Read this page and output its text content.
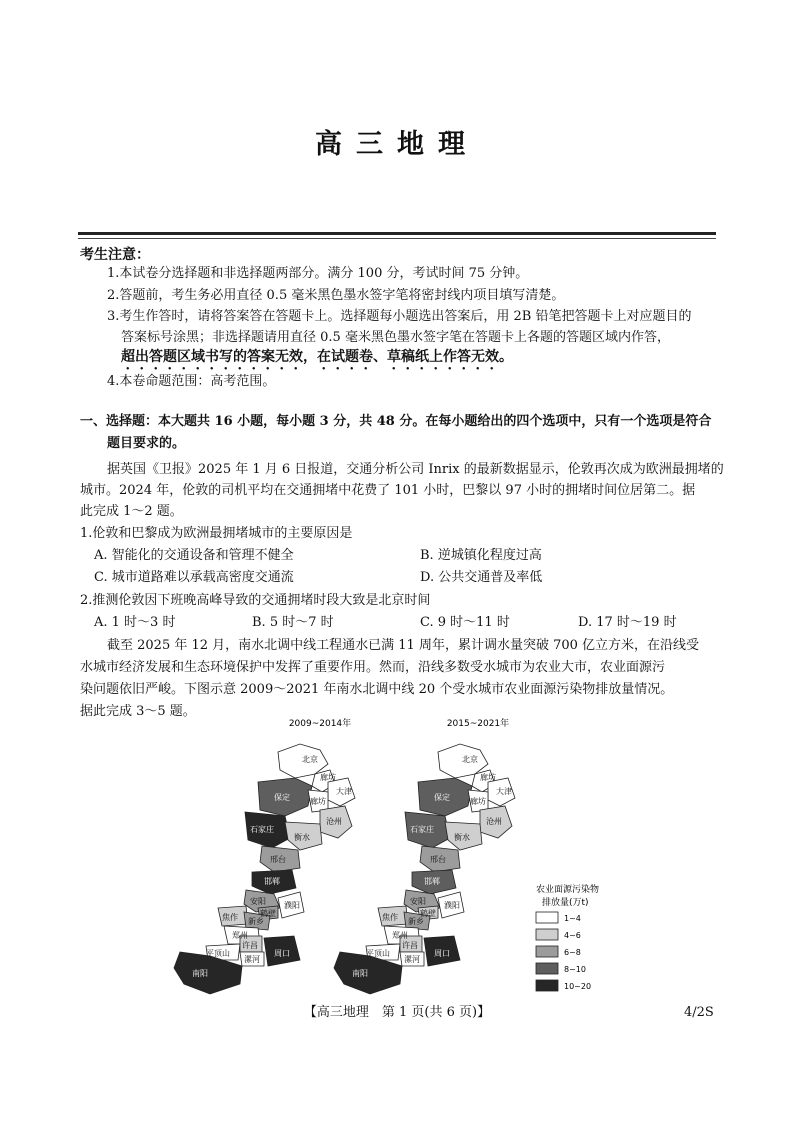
高三地理
考生注意：
1.本试卷分选择题和非选择题两部分。满分 100 分，考试时间 75 分钟。
2.答题前，考生务必用直径 0.5 毫米黑色墨水签字笔将密封线内项目填写清楚。
3.考生作答时，请将答案答在答题卡上。选择题每小题选出答案后，用 2B 铅笔把答题卡上对应题目的
答案标号涂黑；非选择题请用直径 0.5 毫米黑色墨水签字笔在答题卡上各题的答题区域内作答，
超出答题区域书写的答案无效，在试题卷、草稿纸上作答无效。
4.本卷命题范围：高考范围。
一、选择题：本大题共 16 小题，每小题 3 分，共 48 分。在每小题给出的四个选项中，只有一个选项是符合
题目要求的。
据英国《卫报》2025 年 1 月 6 日报道，交通分析公司 Inrix 的最新数据显示，伦敦再次成为欧洲最拥堵的
城市。2024 年，伦敦的司机平均在交通拥堵中花费了 101 小时，巴黎以 97 小时的拥堵时间位居第二。据
此完成 1～2 题。
1.伦敦和巴黎成为欧洲最拥堵城市的主要原因是
A. 智能化的交通设备和管理不健全	B. 逆城镇化程度过高
C. 城市道路难以承载高密度交通流	D. 公共交通普及率低
2.推测伦敦因下班晚高峰导致的交通拥堵时段大致是北京时间
A. 1 时～3 时	B. 5 时～7 时	C. 9 时～11 时	D. 17 时～19 时
截至 2025 年 12 月，南水北调中线工程通水已满 11 周年，累计调水量突破 700 亿立方米，在沿线受
水城市经济发展和生态环境保护中发挥了重要作用。然而，沿线多数受水城市为农业大市，农业面源污
染问题依旧严峻。下图示意 2009～2021 年南水北调中线 20 个受水城市农业面源污染物排放量情况。
据此完成 3～5 题。
2009~2014年
北京
廊坊
大津
保定	廊坊
沧州
石家庄
衡水
邢台
邯郸
安阳
鹤壁
濮阳
焦作 新乡
郑州
平顶山
许昌
漯河
周口
南阳
2015~2021年
北京
廊坊
大津
保定	廊坊
沧州
石家庄
衡水
邢台
邯郸
安阳
鹤壁
濮阳
焦作 新乡
郑州
平顶山
许昌
漯河
周口
南阳
农业面源污染物
排放量(万t)
1~4
4~6
6~8
8~10
10~20
【高三地理　第 1 页(共 6 页)】	4/2S
